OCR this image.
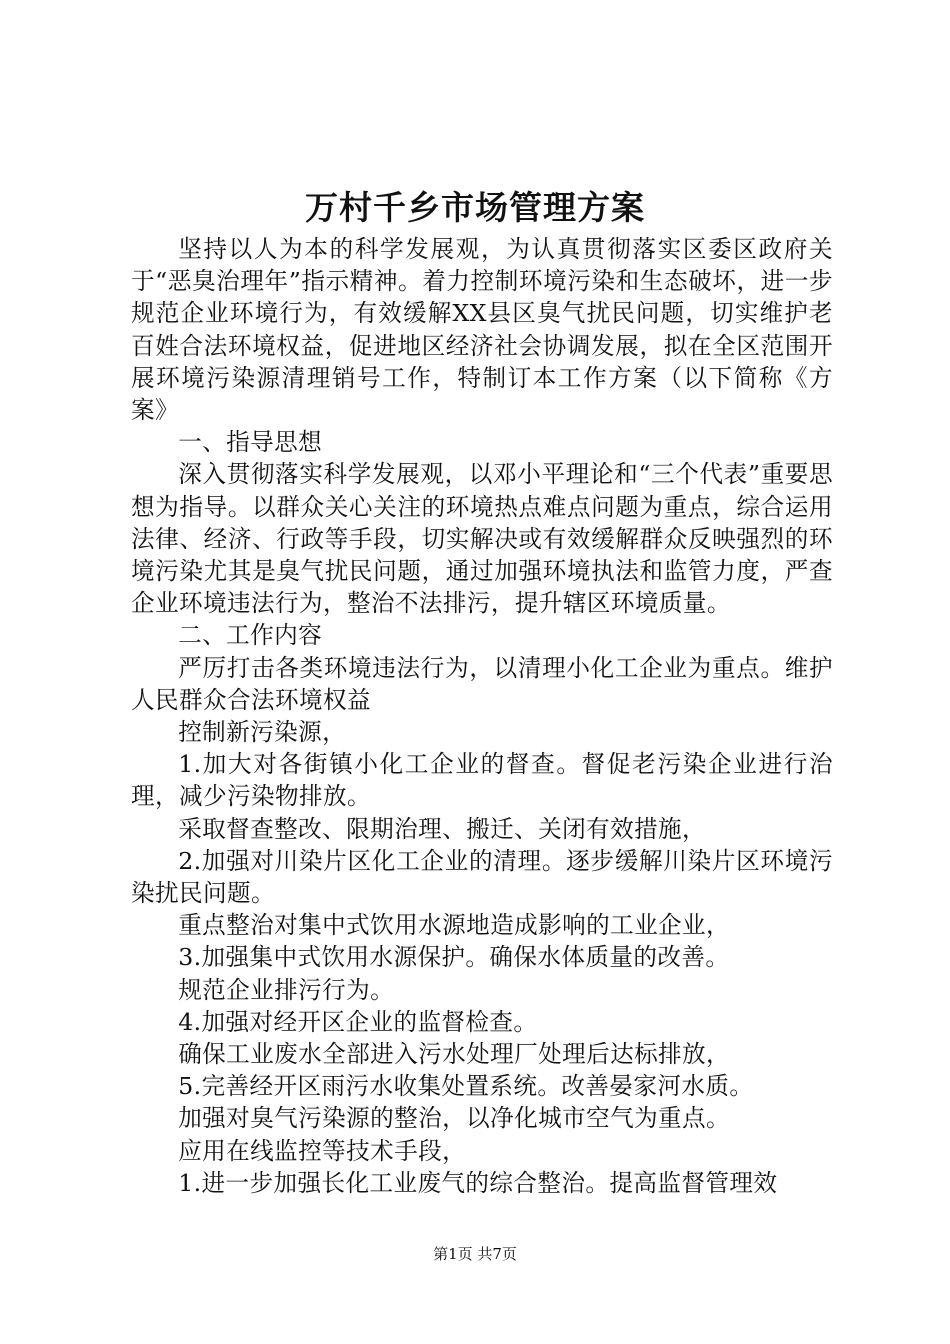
万村千乡市场管理方案

坚持以人为本的科学发展观，为认真贯彻落实区委区政府关于“恶臭治理年”指示精神。着力控制环境污染和生态破坏，进一步规范企业环境行为，有效缓解XX县区臭气扰民问题，切实维护老百姓合法环境权益，促进地区经济社会协调发展，拟在全区范围开展环境污染源清理销号工作，特制订本工作方案（以下简称《方案》

一、指导思想

深入贯彻落实科学发展观，以邓小平理论和“三个代表”重要思想为指导。以群众关心关注的环境热点难点问题为重点，综合运用法律、经济、行政等手段，切实解决或有效缓解群众反映强烈的环境污染尤其是臭气扰民问题，通过加强环境执法和监管力度，严查企业环境违法行为，整治不法排污，提升辖区环境质量。

二、工作内容

严厉打击各类环境违法行为，以清理小化工企业为重点。维护人民群众合法环境权益

控制新污染源，

1.加大对各街镇小化工企业的督查。督促老污染企业进行治理，减少污染物排放。

采取督查整改、限期治理、搬迁、关闭有效措施，

2.加强对川染片区化工企业的清理。逐步缓解川染片区环境污染扰民问题。

重点整治对集中式饮用水源地造成影响的工业企业，

3.加强集中式饮用水源保护。确保水体质量的改善。

规范企业排污行为。

4.加强对经开区企业的监督检查。

确保工业废水全部进入污水处理厂处理后达标排放，

5.完善经开区雨污水收集处置系统。改善晏家河水质。

加强对臭气污染源的整治，以净化城市空气为重点。

应用在线监控等技术手段，

1.进一步加强长化工业废气的综合整治。提高监督管理效

第1页 共7页
